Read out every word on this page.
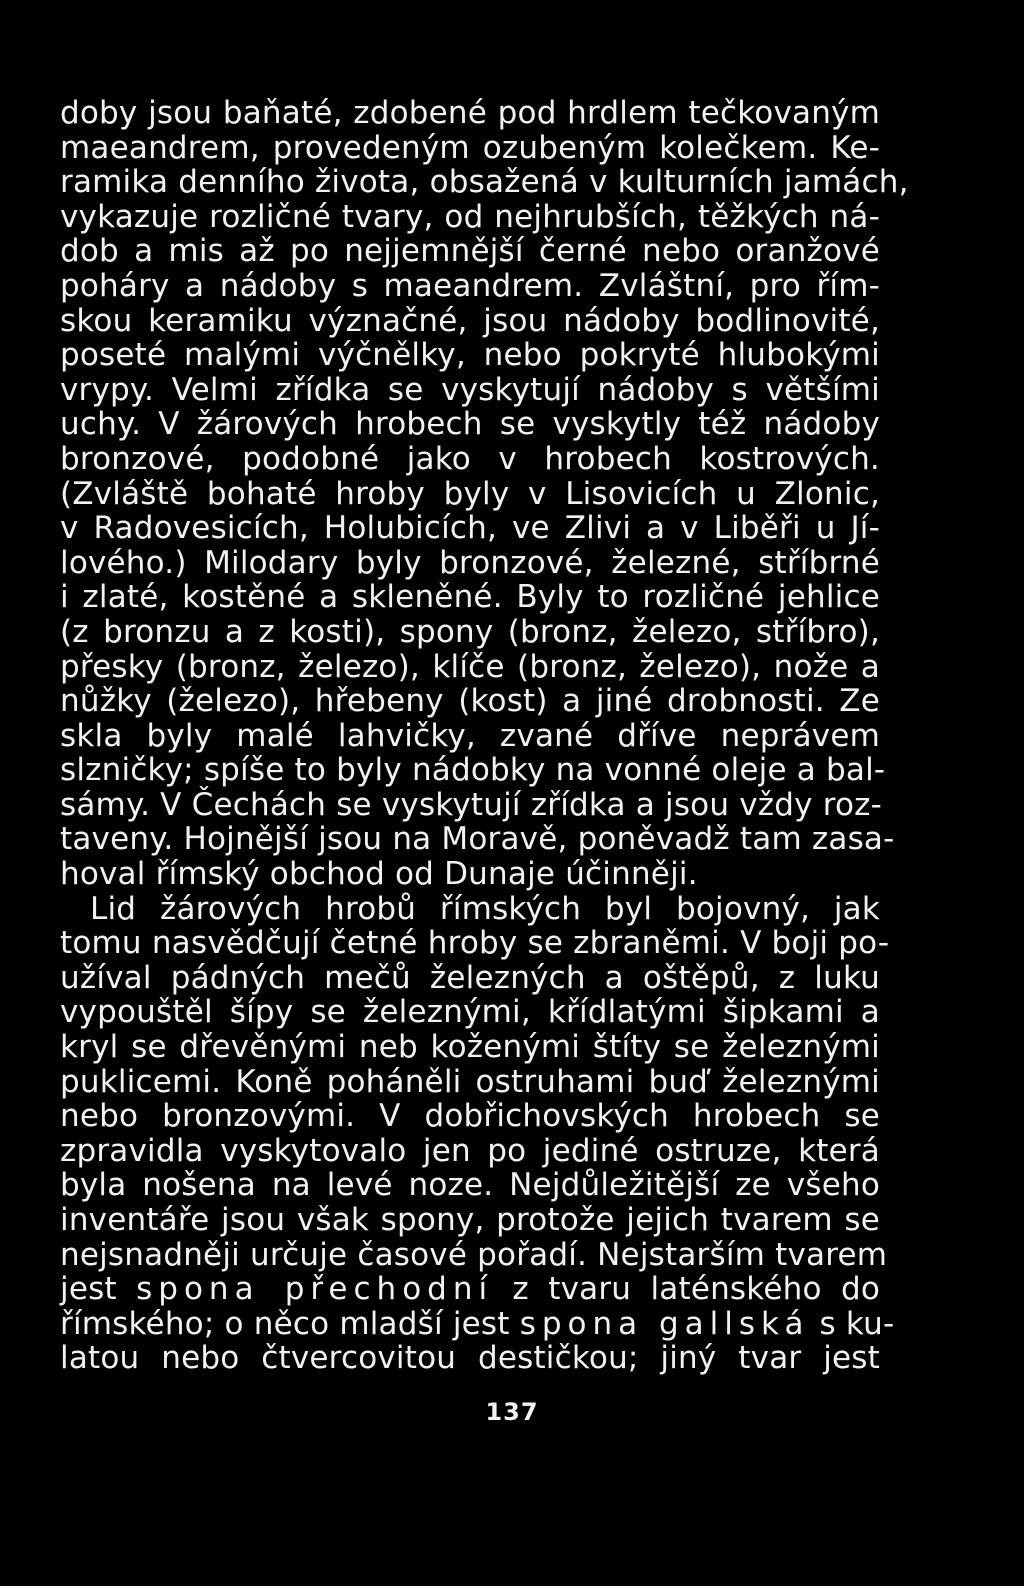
doby jsou baňaté, zdobené pod hrdlem tečkovaným
maeandrem, provedeným ozubeným kolečkem. Ke-
ramika denního života, obsažená v kulturních jamách,
vykazuje rozličné tvary, od nejhrubších, těžkých ná-
dob a mis až po nejjemnější černé nebo oranžové
poháry a nádoby s maeandrem. Zvláštní, pro řím-
skou keramiku význačné, jsou nádoby bodlinovité,
poseté malými výčnělky, nebo pokryté hlubokými
vrypy. Velmi zřídka se vyskytují nádoby s většími
uchy. V žárových hrobech se vyskytly též nádoby
bronzové, podobné jako v hrobech kostrových.
(Zvláště bohaté hroby byly v Lisovicích u Zlonic,
v Radovesicích, Holubicích, ve Zlivi a v Liběři u Jí-
lového.) Milodary byly bronzové, železné, stříbrné
i zlaté, kostěné a skleněné. Byly to rozličné jehlice
(z bronzu a z kosti), spony (bronz, železo, stříbro),
přesky (bronz, železo), klíče (bronz, železo), nože a
nůžky (železo), hřebeny (kost) a jiné drobnosti. Ze
skla byly malé lahvičky, zvané dříve neprávem
slzničky; spíše to byly nádobky na vonné oleje a bal-
sámy. V Čechách se vyskytují zřídka a jsou vždy roz-
taveny. Hojnější jsou na Moravě, poněvadž tam zasa-
hoval římský obchod od Dunaje účinněji.
Lid žárových hrobů římských byl bojovný, jak
tomu nasvědčují četné hroby se zbraněmi. V boji po-
užíval pádných mečů železných a oštěpů, z luku
vypouštěl šípy se železnými, křídlatými šipkami a
kryl se dřevěnými neb koženými štíty se železnými
puklicemi. Koně poháněli ostruhami buď železnými
nebo bronzovými. V dobřichovských hrobech se
zpravidla vyskytovalo jen po jediné ostruze, která
byla nošena na levé noze. Nejdůležitější ze všeho
inventáře jsou však spony, protože jejich tvarem se
nejsnadněji určuje časové pořadí. Nejstarším tvarem
jest spona přechodní z tvaru laténského do
římského; o něco mladší jest spona gallská s ku-
latou nebo čtvercovitou destičkou; jiný tvar jest
137
